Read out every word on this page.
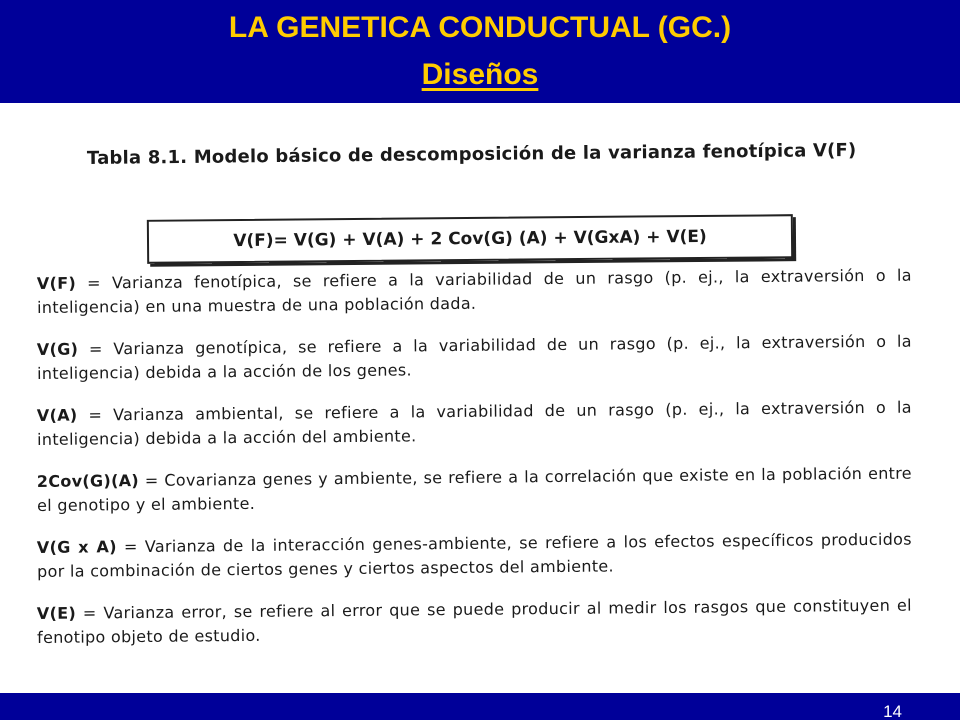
LA GENETICA CONDUCTUAL (GC.)
Diseños
Tabla 8.1. Modelo básico de descomposición de la varianza fenotípica V(F)
V(F)= V(G) + V(A) + 2 Cov(G) (A) + V(GxA) + V(E)
V(F) = Varianza fenotípica, se refiere a la variabilidad de un rasgo (p. ej., la extraversión o la inteligencia) en una muestra de una población dada.
V(G) = Varianza genotípica, se refiere a la variabilidad de un rasgo (p. ej., la extraversión o la inteligencia) debida a la acción de los genes.
V(A) = Varianza ambiental, se refiere a la variabilidad de un rasgo (p. ej., la extraversión o la inteligencia) debida a la acción del ambiente.
2Cov(G)(A) = Covarianza genes y ambiente, se refiere a la correlación que existe en la población entre el genotipo y el ambiente.
V(G x A) = Varianza de la interacción genes-ambiente, se refiere a los efectos específicos producidos por la combinación de ciertos genes y ciertos aspectos del ambiente.
V(E) = Varianza error, se refiere al error que se puede producir al medir los rasgos que constituyen el fenotipo objeto de estudio.
14
